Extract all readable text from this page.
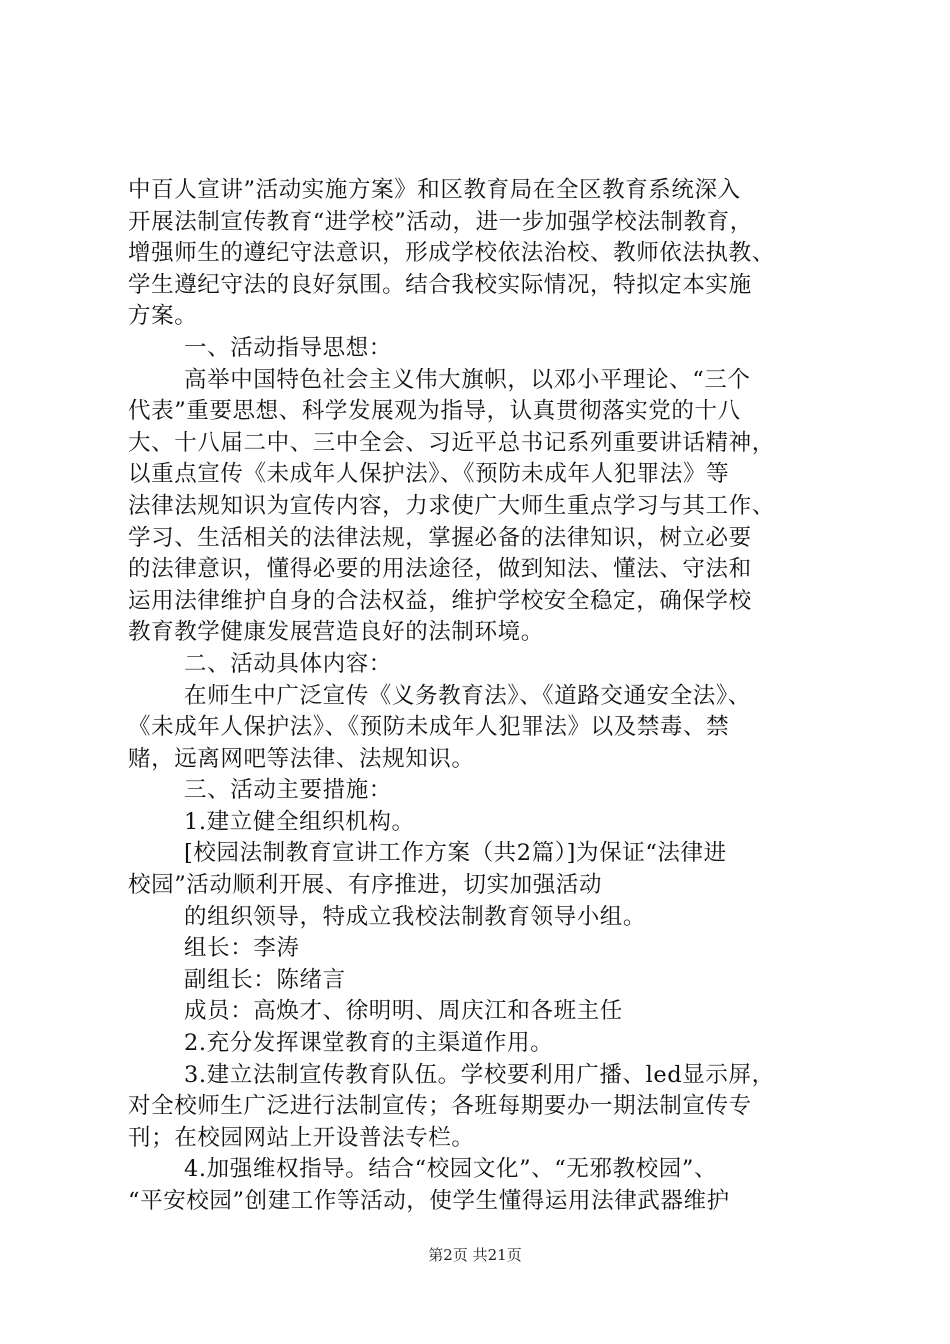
中百人宣讲”活动实施方案》和区教育局在全区教育系统深入
开展法制宣传教育“进学校”活动，进一步加强学校法制教育，
增强师生的遵纪守法意识，形成学校依法治校、教师依法执教、
学生遵纪守法的良好氛围。结合我校实际情况，特拟定本实施
方案。
一、活动指导思想：
高举中国特色社会主义伟大旗帜，以邓小平理论、“三个
代表”重要思想、科学发展观为指导，认真贯彻落实党的十八
大、十八届二中、三中全会、习近平总书记系列重要讲话精神，
以重点宣传《未成年人保护法》、《预防未成年人犯罪法》等
法律法规知识为宣传内容，力求使广大师生重点学习与其工作、
学习、生活相关的法律法规，掌握必备的法律知识，树立必要
的法律意识，懂得必要的用法途径，做到知法、懂法、守法和
运用法律维护自身的合法权益，维护学校安全稳定，确保学校
教育教学健康发展营造良好的法制环境。
二、活动具体内容：
在师生中广泛宣传《义务教育法》、《道路交通安全法》、
《未成年人保护法》、《预防未成年人犯罪法》以及禁毒、禁
赌，远离网吧等法律、法规知识。
三、活动主要措施：
1.建立健全组织机构。
[校园法制教育宣讲工作方案（共2篇）]为保证“法律进
校园”活动顺利开展、有序推进，切实加强活动
的组织领导，特成立我校法制教育领导小组。
组长：李涛
副组长：陈绪言
成员：高焕才、徐明明、周庆江和各班主任
2.充分发挥课堂教育的主渠道作用。
3.建立法制宣传教育队伍。学校要利用广播、led显示屏，
对全校师生广泛进行法制宣传；各班每期要办一期法制宣传专
刊；在校园网站上开设普法专栏。
4.加强维权指导。结合“校园文化”、“无邪教校园”、
“平安校园”创建工作等活动，使学生懂得运用法律武器维护
第2页 共21页
